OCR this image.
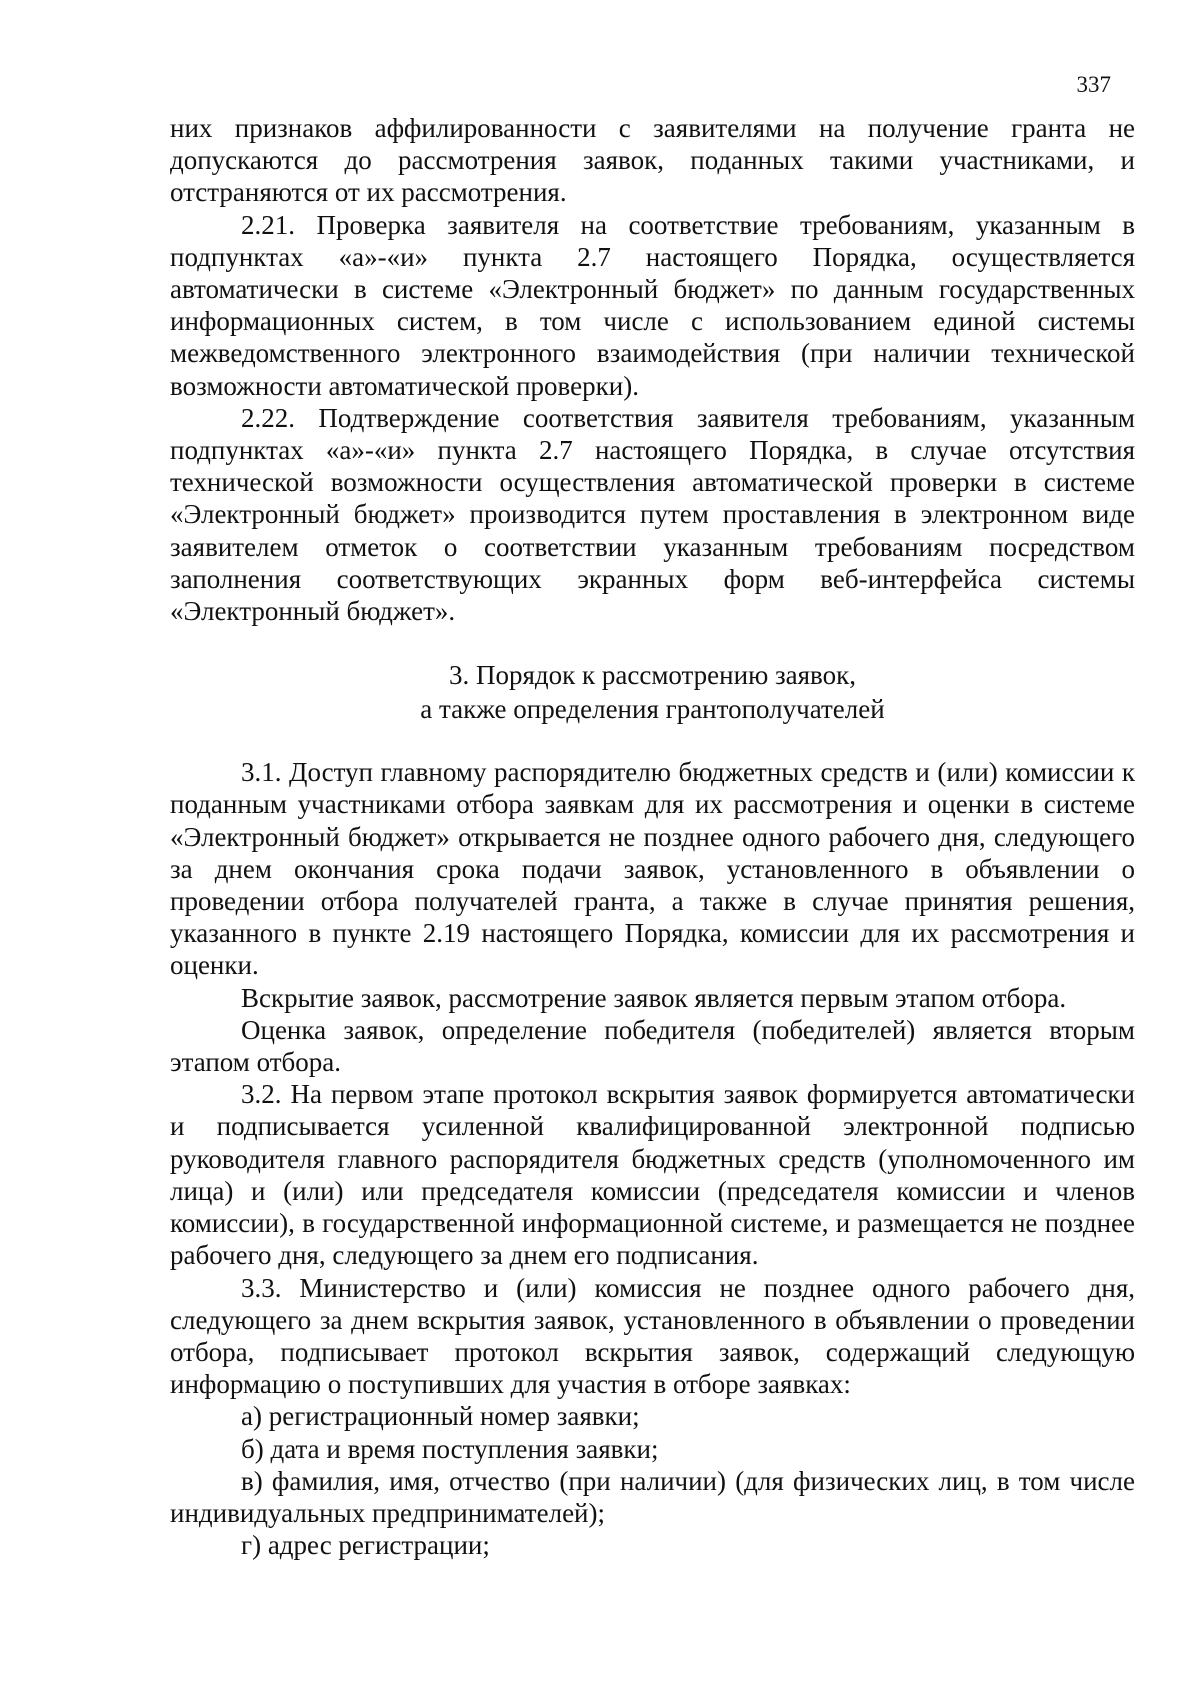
337

них признаков аффилированности с заявителями на получение гранта не допускаются до рассмотрения заявок, поданных такими участниками, и отстраняются от их рассмотрения.

2.21. Проверка заявителя на соответствие требованиям, указанным в подпунктах «а»-«и» пункта 2.7 настоящего Порядка, осуществляется автоматически в системе «Электронный бюджет» по данным государственных информационных систем, в том числе с использованием единой системы межведомственного электронного взаимодействия (при наличии технической возможности автоматической проверки).

2.22. Подтверждение соответствия заявителя требованиям, указанным подпунктах «а»-«и» пункта 2.7 настоящего Порядка, в случае отсутствия технической возможности осуществления автоматической проверки в системе «Электронный бюджет» производится путем проставления в электронном виде заявителем отметок о соответствии указанным требованиям посредством заполнения соответствующих экранных форм веб-интерфейса системы «Электронный бюджет».

3. Порядок к рассмотрению заявок,
а также определения грантополучателей

3.1. Доступ главному распорядителю бюджетных средств и (или) комиссии к поданным участниками отбора заявкам для их рассмотрения и оценки в системе «Электронный бюджет» открывается не позднее одного рабочего дня, следующего за днем окончания срока подачи заявок, установленного в объявлении о проведении отбора получателей гранта, а также в случае принятия решения, указанного в пункте 2.19 настоящего Порядка, комиссии для их рассмотрения и оценки.

Вскрытие заявок, рассмотрение заявок является первым этапом отбора.

Оценка заявок, определение победителя (победителей) является вторым этапом отбора.

3.2. На первом этапе протокол вскрытия заявок формируется автоматически и подписывается усиленной квалифицированной электронной подписью руководителя главного распорядителя бюджетных средств (уполномоченного им лица) и (или) или председателя комиссии (председателя комиссии и членов комиссии), в государственной информационной системе, и размещается не позднее рабочего дня, следующего за днем его подписания.

3.3. Министерство и (или) комиссия не позднее одного рабочего дня, следующего за днем вскрытия заявок, установленного в объявлении о проведении отбора, подписывает протокол вскрытия заявок, содержащий следующую информацию о поступивших для участия в отборе заявках:

а) регистрационный номер заявки;

б) дата и время поступления заявки;

в) фамилия, имя, отчество (при наличии) (для физических лиц, в том числе индивидуальных предпринимателей);

г) адрес регистрации;
